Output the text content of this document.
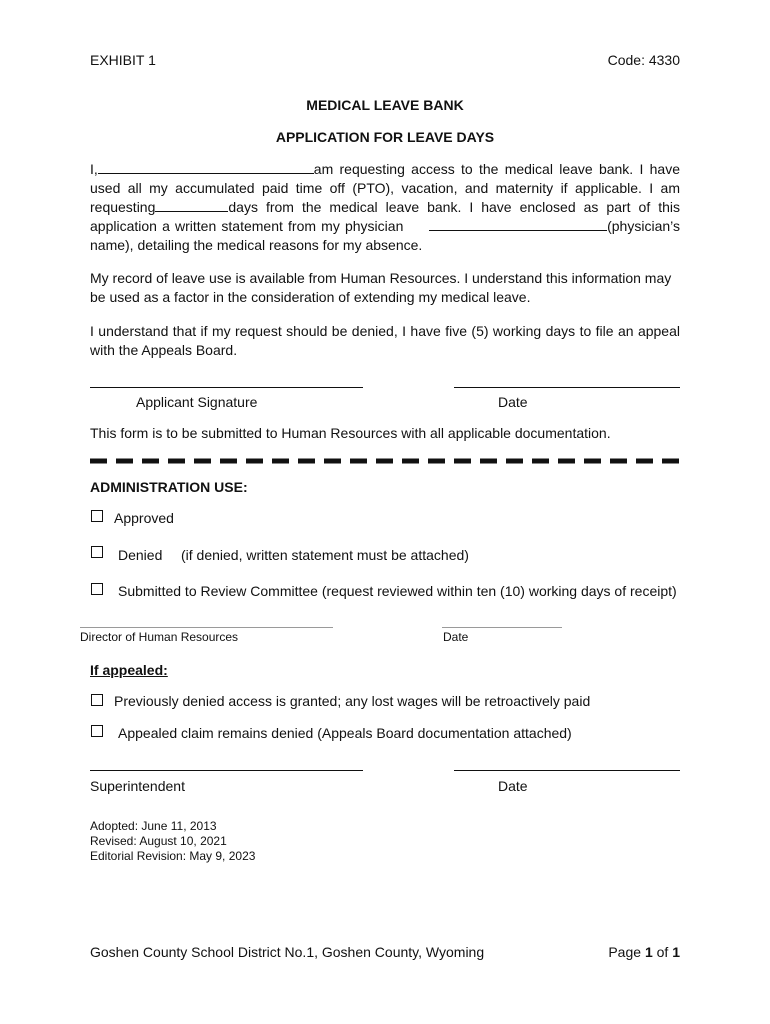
EXHIBIT 1	Code: 4330
MEDICAL LEAVE BANK
APPLICATION FOR LEAVE DAYS
I,	am requesting access to the medical leave bank. I have used all my accumulated paid time off (PTO), vacation, and maternity if applicable. I am requesting	days from the medical leave bank. I have enclosed as part of this application a written statement from my physician	(physician’s name), detailing the medical reasons for my absence.
My record of leave use is available from Human Resources. I understand this information may be used as a factor in the consideration of extending my medical leave.
I understand that if my request should be denied, I have five (5) working days to file an appeal with the Appeals Board.
Applicant Signature	Date
This form is to be submitted to Human Resources with all applicable documentation.
ADMINISTRATION USE:
Approved
Denied (if denied, written statement must be attached)
Submitted to Review Committee (request reviewed within ten (10) working days of receipt)
Director of Human Resources	Date
If appealed:
Previously denied access is granted; any lost wages will be retroactively paid
Appealed claim remains denied (Appeals Board documentation attached)
Superintendent	Date
Adopted: June 11, 2013
Revised: August 10, 2021
Editorial Revision: May 9, 2023
Goshen County School District No.1, Goshen County, Wyoming	Page 1 of 1
